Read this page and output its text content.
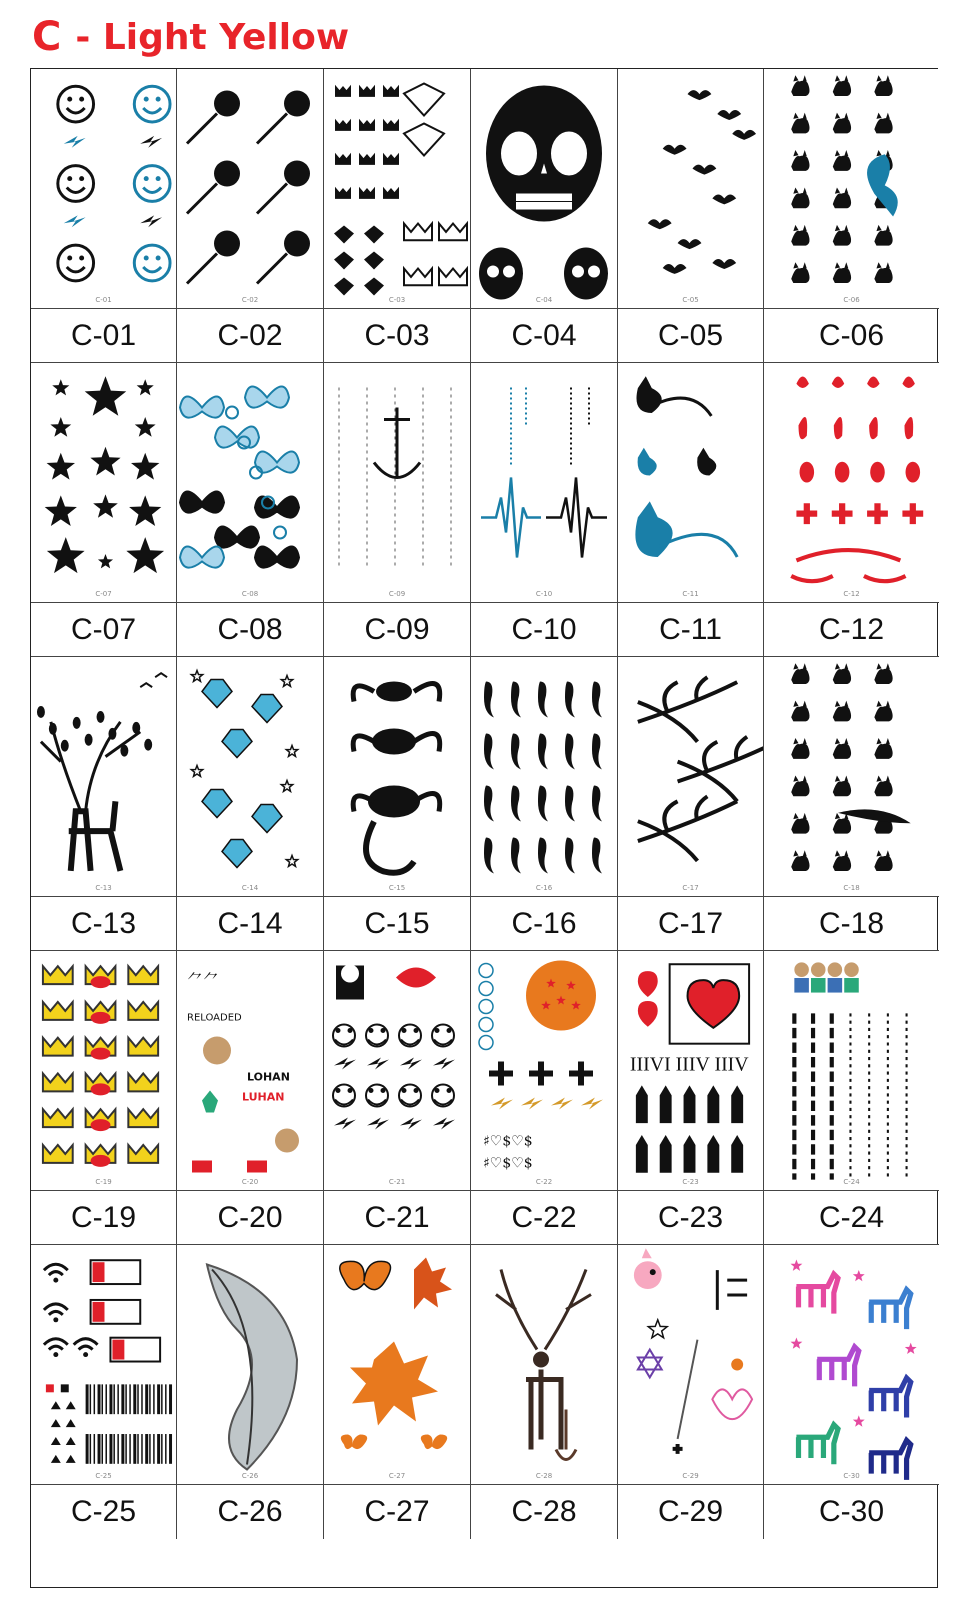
C - Light Yellow
C-01
C-01
C-02
C-02
C-03
C-03
C-04
C-04
C-05
C-05
C-06
C-06
C-07
C-07
C-08
C-08
C-09
C-09
C-10
C-10
C-11
C-11
C-12
C-12
C-13
C-13
C-14
C-14
C-15
C-15
C-16
C-16
C-17
C-17
C-18
C-18
C-19
C-19
⺈⺈
RELOADED
LOHAN
LUHAN
C-20
C-20
C-21
C-21
♯♡$♡$
♯♡$♡$
C-22
C-22
IIIVI IIIV IIIV
C-23
C-23
C-24
C-24
C-25
C-25
C-26
C-26
C-27
C-27
C-28
C-28
C-29
C-29
C-30
C-30
